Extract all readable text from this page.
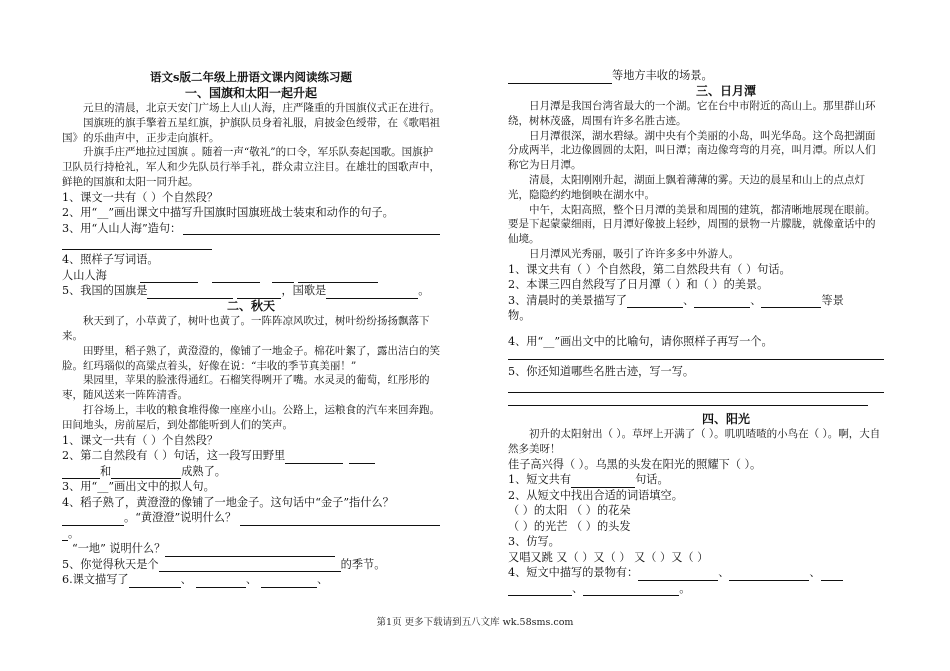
语文s版二年级上册语文课内阅读练习题
一、国旗和太阳一起升起
元旦的清晨，北京天安门广场上人山人海，庄严隆重的升国旗仪式正在进行。
国旗班的旗手擎着五星红旗，护旗队员身着礼服，肩披金色绶带，在《歌唱祖国》的乐曲声中，正步走向旗杆。
升旗手庄严地拉过国旗 。随着一声“敬礼”的口令，军乐队奏起国歌。国旗护卫队员行持枪礼，军人和少先队员行举手礼，群众肃立注目。在雄壮的国歌声中，鲜艳的国旗和太阳一同升起。
1、课文一共有（ ）个自然段？
2、用“__”画出课文中描写升国旗时国旗班战士装束和动作的句子。
3、用“人山人海”造句：
4、照样子写词语。
人山人海
5、我国的国旗是	，国歌是	。
二、秋天
秋天到了，小草黄了，树叶也黄了。一阵阵凉风吹过，树叶纷纷扬扬飘落下来。
田野里，稻子熟了，黄澄澄的，像铺了一地金子。棉花叶絮了，露出洁白的笑脸。红玛瑙似的高粱点着头，好像在说：“丰收的季节真美丽！”
果园里，苹果的脸涨得通红。石榴笑得咧开了嘴。水灵灵的葡萄，红彤彤的枣，随风送来一阵阵清香。
打谷场上，丰收的粮食堆得像一座座小山。公路上，运粮食的汽车来回奔跑。田间地头，房前屋后，到处都能听到人们的笑声。
1、课文一共有（ ）个自然段？
2、第二自然段有（ ）句话，这一段写田野里
和	成熟了。
3、用“__”画出文中的拟人句。
4、稻子熟了，黄澄澄的像铺了一地金子。这句话中“金子”指什么？
。“黄澄澄”说明什么？
。
“一地” 说明什么？
5、你觉得秋天是个	的季节。
6.课文描写了	、	、	、
等地方丰收的场景。
三、日月潭
日月潭是我国台湾省最大的一个湖。它在台中市附近的高山上。那里群山环绕，树林茂盛，周围有许多名胜古迹。
日月潭很深，湖水碧绿。湖中央有个美丽的小岛，叫光华岛。这个岛把湖面分成两半，北边像圆圆的太阳，叫日潭；南边像弯弯的月亮，叫月潭。所以人们称它为日月潭。
清晨，太阳刚刚升起，湖面上飘着薄薄的雾。天边的晨星和山上的点点灯光，隐隐约约地倒映在湖水中。
中午，太阳高照，整个日月潭的美景和周围的建筑，都清晰地展现在眼前。要是下起蒙蒙细雨，日月潭好像披上轻纱，周围的景物一片朦胧，就像童话中的仙境。
日月潭风光秀丽，吸引了许许多多中外游人。
1、课文共有（ ）个自然段，第二自然段共有（ ）句话。
2、本课三四自然段写了日月潭（ ）和（ ）的美景。
3、清晨时的美景描写了	、	、	等景
物。
4、用“__”画出文中的比喻句，请你照样子再写一个。
5、你还知道哪些名胜古迹，写一写。
四、阳光
初升的太阳射出（ ）。草坪上开满了（ ）。叽叽喳喳的小鸟在（ ）。啊，大自然多美呀！
佳子高兴得（ ）。乌黑的头发在阳光的照耀下（ ）。
1、短文共有	句话。
2、从短文中找出合适的词语填空。
（ ）的太阳 （ ）的花朵
（ ）的光芒 （ ）的头发
3、仿写。
又唱又跳 又（ ）又（ ） 又（ ）又（ ）
4、短文中描写的景物有：	、	、
、	。
第1页 更多下载请到五八文库 wk.58sms.com
